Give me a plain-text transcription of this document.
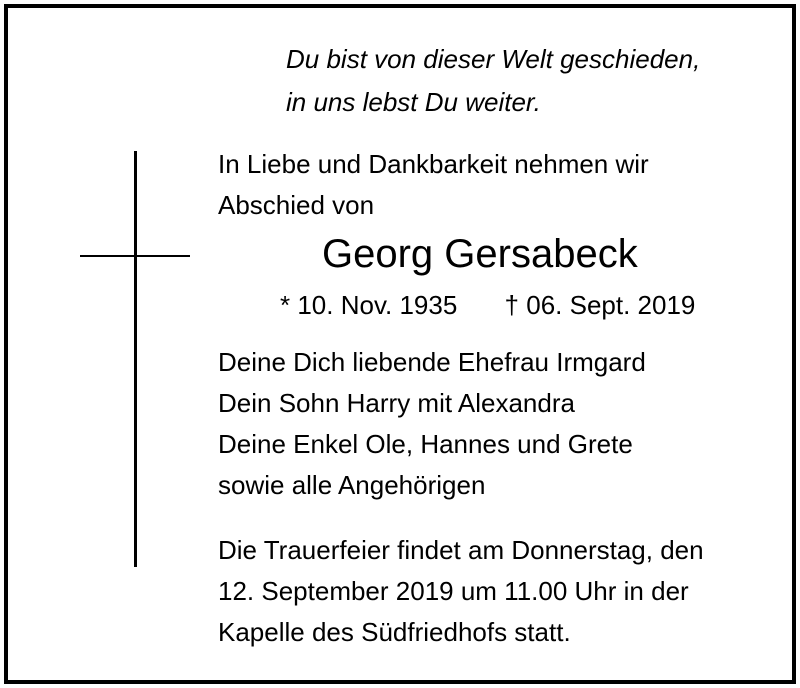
Du bist von dieser Welt geschieden,
in uns lebst Du weiter.
In Liebe und Dankbarkeit nehmen wir
Abschied von
Georg Gersabeck
* 10. Nov. 1935 † 06. Sept. 2019
Deine Dich liebende Ehefrau Irmgard
Dein Sohn Harry mit Alexandra
Deine Enkel Ole, Hannes und Grete
sowie alle Angehörigen
Die Trauerfeier findet am Donnerstag, den
12. September 2019 um 11.00 Uhr in der
Kapelle des Südfriedhofs statt.
